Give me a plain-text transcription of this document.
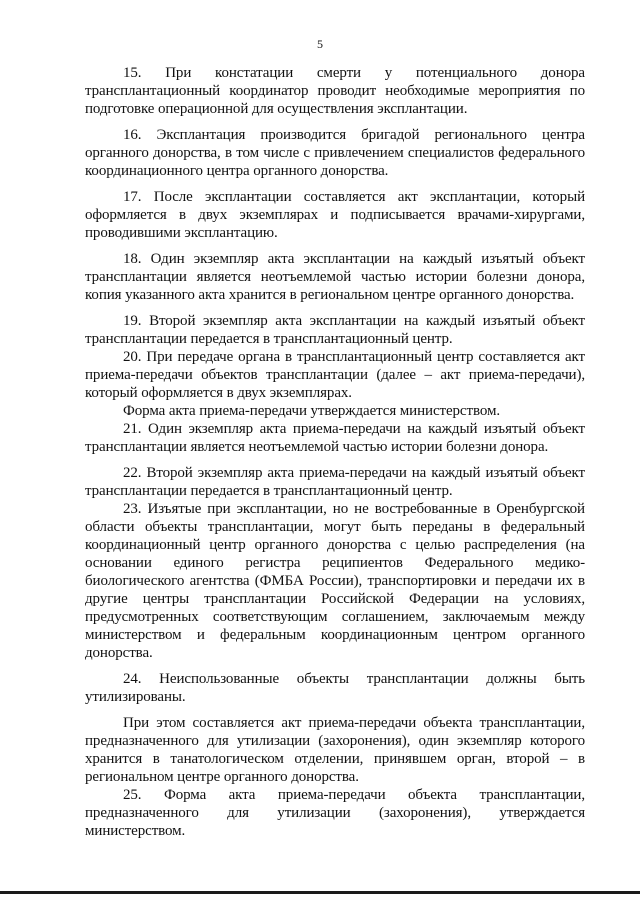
5

15. При констатации смерти у потенциального донора трансплантационный координатор проводит необходимые мероприятия по подготовке операционной для осуществления эксплантации.

16. Эксплантация производится бригадой регионального центра органного донорства, в том числе с привлечением специалистов федерального координационного центра органного донорства.

17. После эксплантации составляется акт эксплантации, который оформляется в двух экземплярах и подписывается врачами-хирургами, проводившими эксплантацию.

18. Один экземпляр акта эксплантации на каждый изъятый объект трансплантации является неотъемлемой частью истории болезни донора, копия указанного акта хранится в региональном центре органного донорства.

19. Второй экземпляр акта эксплантации на каждый изъятый объект трансплантации передается в трансплантационный центр.

20. При передаче органа в трансплантационный центр составляется акт приема-передачи объектов трансплантации (далее – акт приема-передачи), который оформляется в двух экземплярах.

Форма акта приема-передачи утверждается министерством.

21. Один экземпляр акта приема-передачи на каждый изъятый объект трансплантации является неотъемлемой частью истории болезни донора.

22. Второй экземпляр акта приема-передачи на каждый изъятый объект трансплантации передается в трансплантационный центр.

23. Изъятые при эксплантации, но не востребованные в Оренбургской области объекты трансплантации, могут быть переданы в федеральный координационный центр органного донорства с целью распределения (на основании единого регистра реципиентов Федерального медико-биологического агентства (ФМБА России), транспортировки и передачи их в другие центры трансплантации Российской Федерации на условиях, предусмотренных соответствующим соглашением, заключаемым между министерством и федеральным координационным центром органного донорства.

24. Неиспользованные объекты трансплантации должны быть утилизированы.

При этом составляется акт приема-передачи объекта трансплантации, предназначенного для утилизации (захоронения), один экземпляр которого хранится в танатологическом отделении, принявшем орган, второй – в региональном центре органного донорства.

25. Форма акта приема-передачи объекта трансплантации, предназначенного для утилизации (захоронения), утверждается министерством.
